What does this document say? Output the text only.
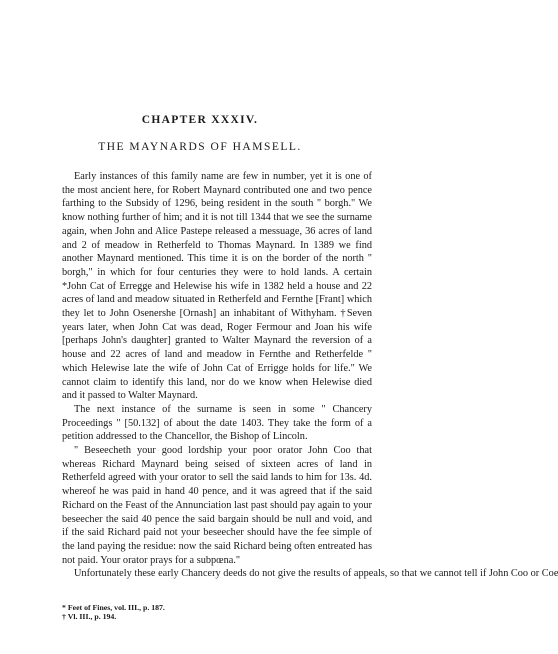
CHAPTER XXXIV.
THE MAYNARDS OF HAMSELL.

Early instances of this family name are few in number, yet it is one of the most ancient here, for Robert Maynard contributed one and two pence farthing to the Subsidy of 1296, being resident in the south " borgh." We know nothing further of him; and it is not till 1344 that we see the surname again, when John and Alice Pastepe released a messuage, 36 acres of land and 2 of meadow in Retherfeld to Thomas Maynard. In 1389 we find another Maynard mentioned. This time it is on the border of the north " borgh," in which for four centuries they were to hold lands. A certain *John Cat of Erregge and Helewise his wife in 1382 held a house and 22 acres of land and meadow situated in Retherfeld and Fernthe [Frant] which they let to John Osenershe [Ornash] an inhabitant of Withyham. †Seven years later, when John Cat was dead, Roger Fermour and Joan his wife [perhaps John's daughter] granted to Walter Maynard the reversion of a house and 22 acres of land and meadow in Fernthe and Retherfelde " which Helewise late the wife of John Cat of Errigge holds for life." We cannot claim to identify this land, nor do we know when Helewise died and it passed to Walter Maynard.

The next instance of the surname is seen in some " Chancery Proceedings " [50.132] of about the date 1403. They take the form of a petition addressed to the Chancellor, the Bishop of Lincoln.

" Beseecheth your good lordship your poor orator John Coo that whereas Richard Maynard being seised of sixteen acres of land in Retherfeld agreed with your orator to sell the said lands to him for 13s. 4d. whereof he was paid in hand 40 pence, and it was agreed that if the said Richard on the Feast of the Annunciation last past should pay again to your beseecher the said 40 pence the said bargain should be null and void, and if the said Richard paid not your beseecher should have the fee simple of the land paying the residue: now the said Richard being often entreated has not paid. Your orator prays for a subpœna."

Unfortunately these early Chancery deeds do not give the results of appeals, so that we cannot tell if John Coo or Coe

* Feet of Fines, vol. III., p. 187.

† Vl. III., p. 194.
